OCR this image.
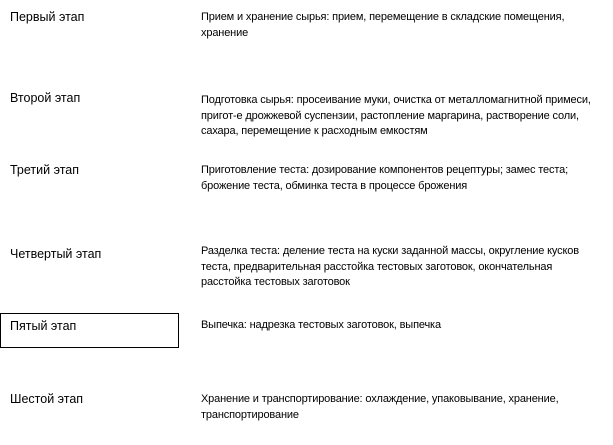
Первый этап	Прием и хранение сырья: прием, перемещение в складские помещения, хранение
Второй этап	Подготовка сырья: просеивание муки, очистка от металломагнитной примеси, пригот-е дрожжевой суспензии, растопление маргарина, растворение соли, сахара, перемещение к расходным емкостям
Третий этап	Приготовление теста: дозирование компонентов рецептуры; замес теста; брожение теста, обминка теста в процессе брожения
Четвертый этап	Разделка теста: деление теста на куски заданной массы, округление кусков теста, предварительная расстойка тестовых заготовок, окончательная расстойка тестовых заготовок
Пятый этап	Выпечка: надрезка тестовых заготовок, выпечка
Шестой этап	Хранение и транспортирование: охлаждение, упаковывание, хранение, транспортирование
